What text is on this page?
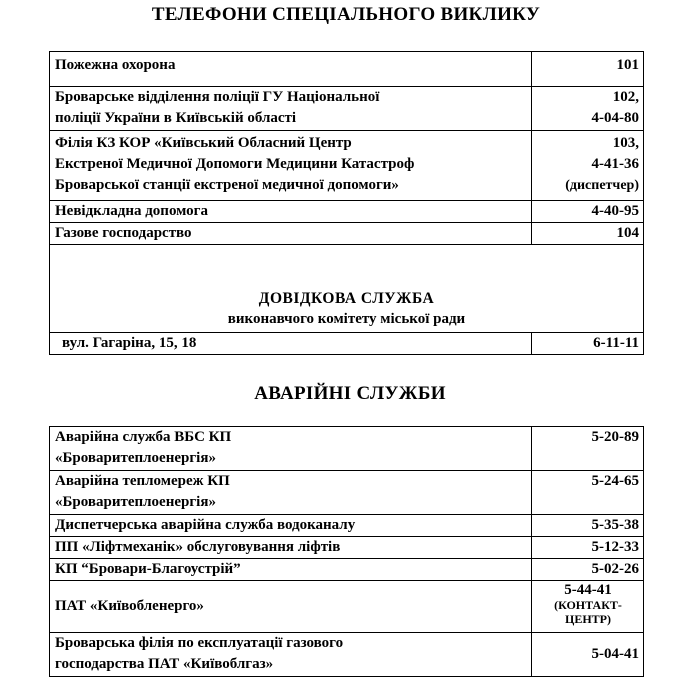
ТЕЛЕФОНИ СПЕЦІАЛЬНОГО ВИКЛИКУ
Пожежна охорона	101
Броварське відділення поліції ГУ Національної
поліції України в Київській області	102,
4-04-80
Філія КЗ КОР «Київський Обласний Центр
Екстреної Медичної Допомоги Медицини Катастроф
Броварської станції екстреної медичної допомоги»	103,
4-41-36
(диспетчер)
Невідкладна допомога	4-40-95
Газове господарство	104

ДОВІДКОВА СЛУЖБА
виконавчого комітету міської ради	

вул. Гагаріна, 15, 18	6-11-11
АВАРІЙНІ СЛУЖБИ
Аварійна служба ВБС КП
«Броваритеплоенергія»	5-20-89
Аварійна тепломереж КП
«Броваритеплоенергія»	5-24-65
Диспетчерська аварійна служба водоканалу	5-35-38
ПП «Ліфтмеханік» обслуговування ліфтів	5-12-33
КП “Бровари-Благоустрій”	5-02-26
ПАТ «Київобленерго»	5-44-41
(КОНТАКТ-
ЦЕНТР)

Броварська філія по експлуатації газового
господарства ПАТ «Київоблгаз»	5-04-41
